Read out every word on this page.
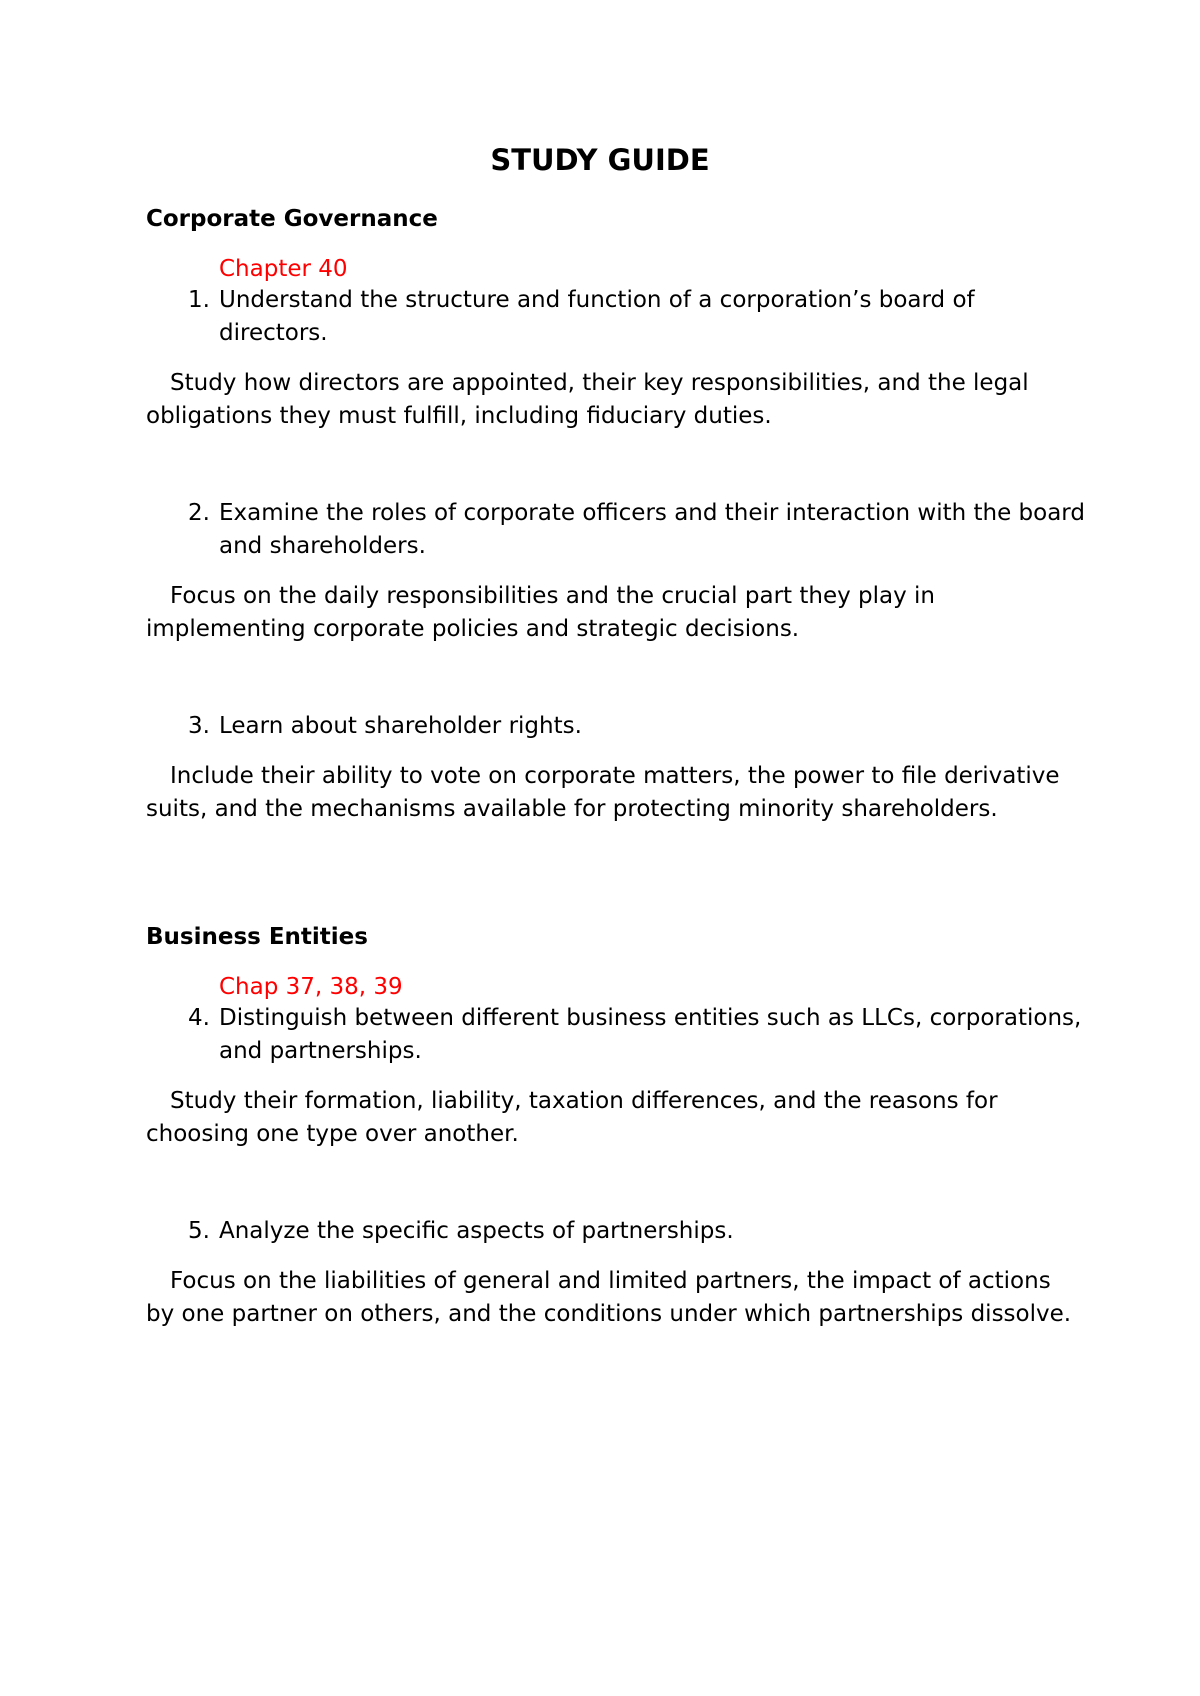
STUDY GUIDE
Corporate Governance

Chapter 40

1. Understand the structure and function of a corporation’s board of directors.

Study how directors are appointed, their key responsibilities, and the legal obligations they must fulfill, including fiduciary duties.

2. Examine the roles of corporate officers and their interaction with the board and shareholders.

Focus on the daily responsibilities and the crucial part they play in implementing corporate policies and strategic decisions.

3. Learn about shareholder rights.

Include their ability to vote on corporate matters, the power to file derivative suits, and the mechanisms available for protecting minority shareholders.

Business Entities

Chap 37, 38, 39

4. Distinguish between different business entities such as LLCs, corporations, and partnerships.

Study their formation, liability, taxation differences, and the reasons for choosing one type over another.

5. Analyze the specific aspects of partnerships.

Focus on the liabilities of general and limited partners, the impact of actions by one partner on others, and the conditions under which partnerships dissolve.
